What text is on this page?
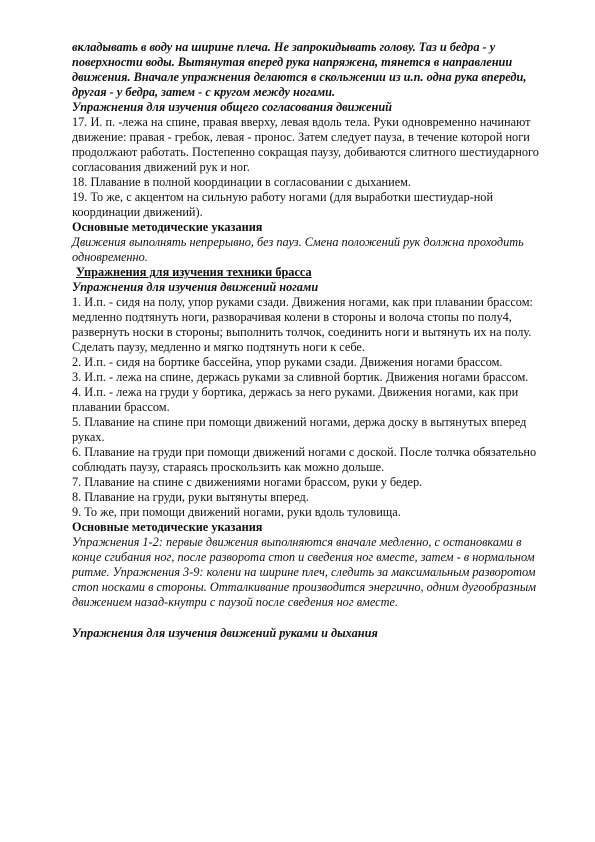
вкладывать в воду на ширине плеча. Не запрокидывать голову. Таз и бедра - у поверхности воды. Вытянутая вперед рука напряжена, тянется в направлении движения. Вначале упражнения делаются в скольжении из и.п. одна рука впереди, другая - у бедра, затем - с кругом между ногами.

Упражнения для изучения общего согласования движений

17. И. п. -лежа на спине, правая вверху, левая вдоль тела. Руки одновременно начинают движение: правая - гребок, левая - пронос. Затем следует пауза, в течение которой ноги продолжают работать. Постепенно сокращая паузу, добиваются слитного шестиударного согласования движений рук и ног.

18. Плавание в полной координации в согласовании с дыханием.

19. То же, с акцентом на сильную работу ногами (для выработки шестиудар-ной координации движений).

Основные методические указания

Движения выполнять непрерывно, без пауз. Смена положений рук должна проходить одновременно.

Упражнения для изучения техники брасса

Упражнения для изучения движений ногами

1. И.п. - сидя на полу, упор руками сзади. Движения ногами, как при плавании брассом: медленно подтянуть ноги, разворачивая колени в стороны и волоча стопы по полу4, развернуть носки в стороны; выполнить толчок, соединить ноги и вытянуть их на полу. Сделать паузу, медленно и мягко подтянуть ноги к себе.

2. И.п. - сидя на бортике бассейна, упор руками сзади. Движения ногами брассом.

3. И.п. - лежа на спине, держась руками за сливной бортик. Движения ногами брассом.

4. И.п. - лежа на груди у бортика, держась за него руками. Движения ногами, как при плавании брассом.

5. Плавание на спине при помощи движений ногами, держа доску в вытянутых вперед руках.

6. Плавание на груди при помощи движений ногами с доской. После толчка обязательно соблюдать паузу, стараясь проскользить как можно дольше.

7. Плавание на спине с движениями ногами брассом, руки у бедер.

8. Плавание на груди, руки вытянуты вперед.

9. То же, при помощи движений ногами, руки вдоль туловища.

Основные методические указания

Упражнения 1-2: первые движения выполняются вначале медленно, с остановками в конце сгибания ног, после разворота стоп и сведения ног вместе, затем - в нормальном ритме. Упражнения 3-9: колени на ширине плеч, следить за максимальным разворотом стоп носками в стороны. Отталкивание производится энергично, одним дугообразным движением назад-кнутри с паузой после сведения ног вместе.

Упражнения для изучения движений руками и дыхания
